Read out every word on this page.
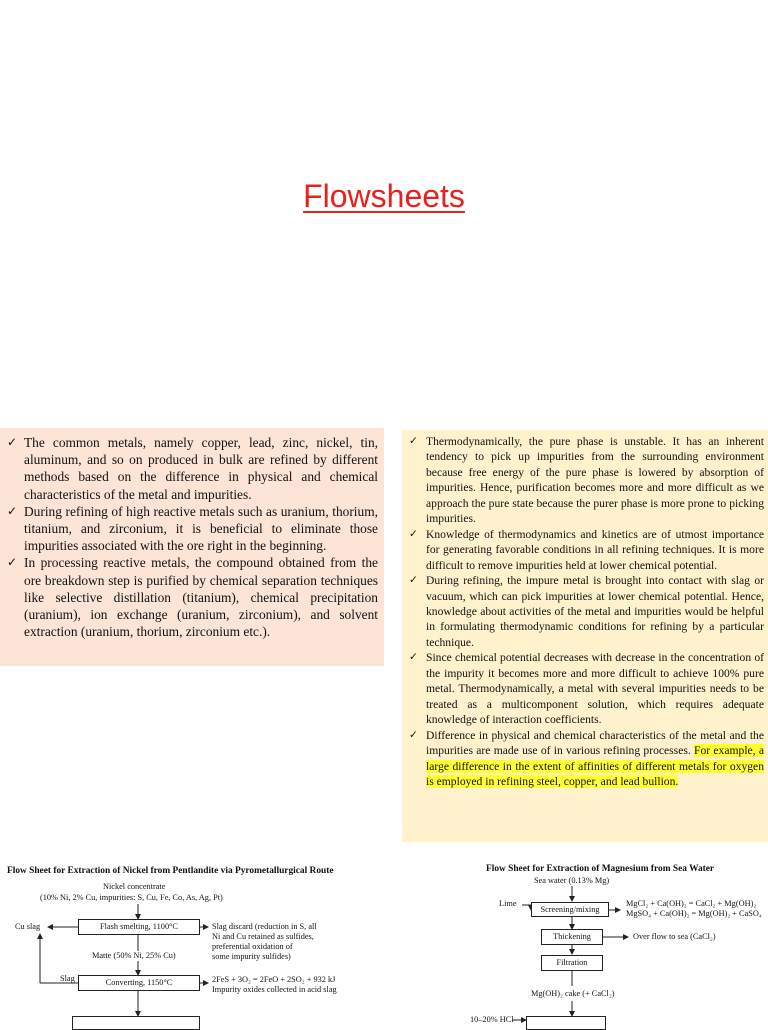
Flowsheets
✓ The common metals, namely copper, lead, zinc, nickel, tin, aluminum, and so on produced in bulk are refined by different methods based on the difference in physical and chemical characteristics of the metal and impurities.
✓ During refining of high reactive metals such as uranium, thorium, titanium, and zirconium, it is beneficial to eliminate those impurities associated with the ore right in the beginning.
✓ In processing reactive metals, the compound obtained from the ore breakdown step is purified by chemical separation techniques like selective distillation (titanium), chemical precipitation (uranium), ion exchange (uranium, zirconium), and solvent extraction (uranium, thorium, zirconium etc.).
✓ Thermodynamically, the pure phase is unstable. It has an inherent tendency to pick up impurities from the surrounding environment because free energy of the pure phase is lowered by absorption of impurities. Hence, purification becomes more and more difficult as we approach the pure state because the purer phase is more prone to picking impurities.
✓ Knowledge of thermodynamics and kinetics are of utmost importance for generating favorable conditions in all refining techniques. It is more difficult to remove impurities held at lower chemical potential.
✓ During refining, the impure metal is brought into contact with slag or vacuum, which can pick impurities at lower chemical potential. Hence, knowledge about activities of the metal and impurities would be helpful in formulating thermodynamic conditions for refining by a particular technique.
✓ Since chemical potential decreases with decrease in the concentration of the impurity it becomes more and more difficult to achieve 100% pure metal. Thermodynamically, a metal with several impurities needs to be treated as a multicomponent solution, which requires adequate knowledge of interaction coefficients.
✓ Difference in physical and chemical characteristics of the metal and the impurities are made use of in various refining processes. For example, a large difference in the extent of affinities of different metals for oxygen is employed in refining steel, copper, and lead bullion.
Flow Sheet for Extraction of Nickel from Pentlandite via Pyrometallurgical Route
Nickel concentrate
(10% Ni, 2% Cu, impurities: S, Cu, Fe, Co, As, Ag, Pt)
Cu slag	Flash smelting, 1100°C	Slag discard (reduction in S, all
Ni and Cu retained as sulfides,
preferential oxidation of
some impurity sulfides)
Matte (50% Ni, 25% Cu)
Slag	Converting, 1150°C	2FeS + 3O₂ = 2FeO + 2SO₂ + 932 kJ
Impurity oxides collected in acid slag
Flow Sheet for Extraction of Magnesium from Sea Water
Sea water (0.13% Mg)
Lime
Screening/mixing
MgCl₂ + Ca(OH)₂ = CaCl₂ + Mg(OH)₂
MgSO₄ + Ca(OH)₂ = Mg(OH)₂ + CaSO₄
Thickening	Over flow to sea (CaCl₂)
Filtration
Mg(OH)₂ cake (+ CaCl₂)
10–20% HCl
